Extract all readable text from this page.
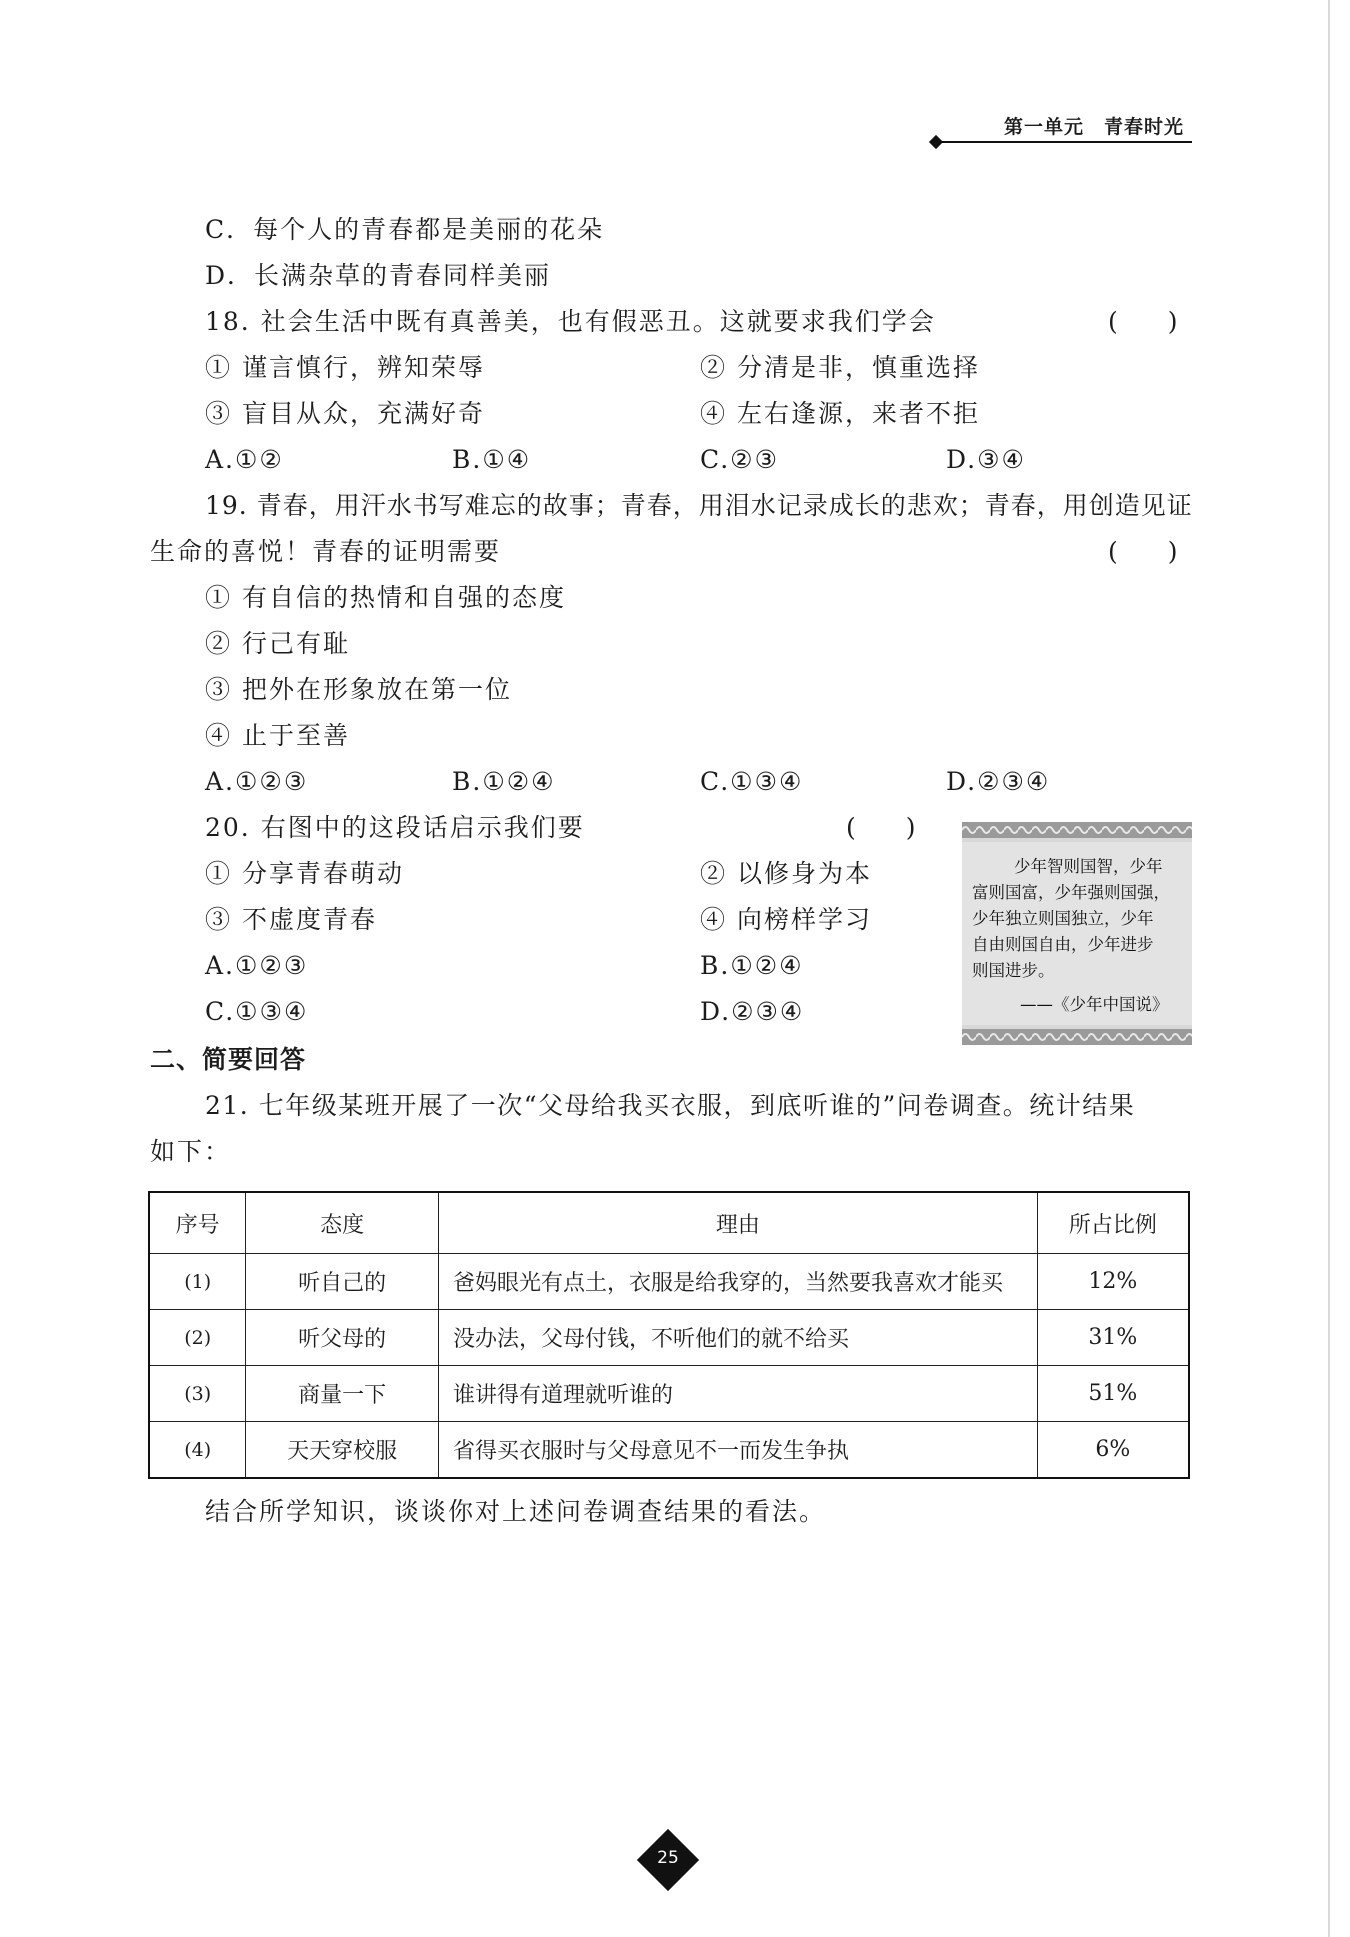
第一单元　青春时光
C．每个人的青春都是美丽的花朵
D．长满杂草的青春同样美丽
18. 社会生活中既有真善美，也有假恶丑。这就要求我们学会	(　　)
① 谨言慎行，辨知荣辱	② 分清是非，慎重选择
③ 盲目从众，充满好奇	④ 左右逢源，来者不拒
A.①②	B.①④	C.②③	D.③④
19. 青春，用汗水书写难忘的故事；青春，用泪水记录成长的悲欢；青春，用创造见证
生命的喜悦！青春的证明需要	(　　)
① 有自信的热情和自强的态度
② 行己有耻
③ 把外在形象放在第一位
④ 止于至善
A.①②③	B.①②④	C.①③④	D.②③④
20. 右图中的这段话启示我们要	(　　)
① 分享青春萌动	② 以修身为本
③ 不虚度青春	④ 向榜样学习
A.①②③	B.①②④
C.①③④	D.②③④
少年智则国智，少年
富则国富，少年强则国强，
少年独立则国独立，少年
自由则国自由，少年进步
则国进步。
——《少年中国说》
二、简要回答
21. 七年级某班开展了一次“父母给我买衣服，到底听谁的”问卷调查。统计结果
如下：
序号	态度	理由	所占比例
(1)	听自己的	爸妈眼光有点土，衣服是给我穿的，当然要我喜欢才能买	12%
(2)	听父母的	没办法，父母付钱，不听他们的就不给买	31%
(3)	商量一下	谁讲得有道理就听谁的	51%
(4)	天天穿校服	省得买衣服时与父母意见不一而发生争执	6%
结合所学知识，谈谈你对上述问卷调查结果的看法。
25
